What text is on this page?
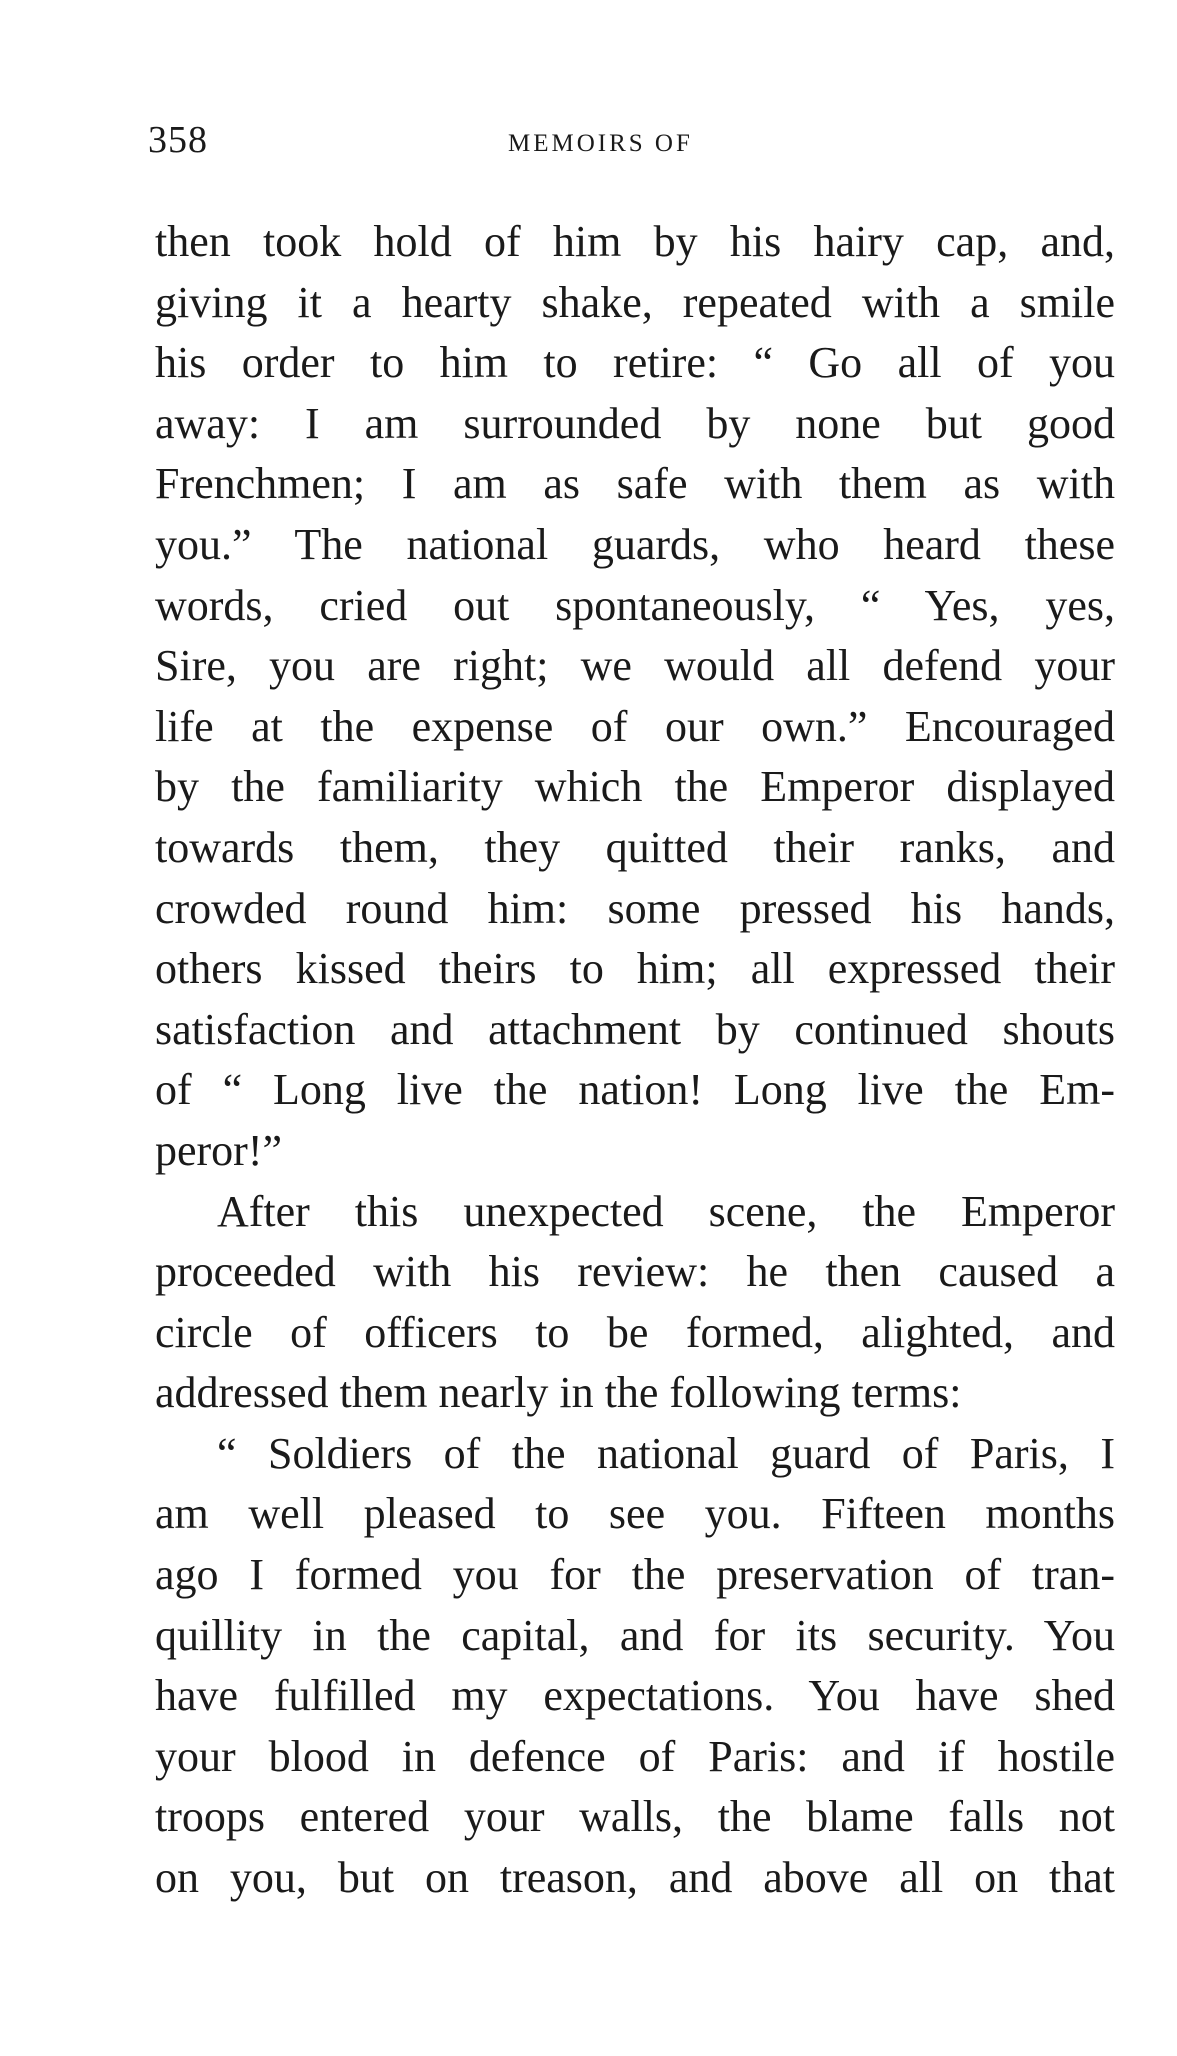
358	MEMOIRS OF
then took hold of him by his hairy cap, and,
giving it a hearty shake, repeated with a smile
his order to him to retire: “ Go all of you
away: I am surrounded by none but good
Frenchmen; I am as safe with them as with
you.” The national guards, who heard these
words, cried out spontaneously, “ Yes, yes,
Sire, you are right; we would all defend your
life at the expense of our own.” Encouraged
by the familiarity which the Emperor displayed
towards them, they quitted their ranks, and
crowded round him: some pressed his hands,
others kissed theirs to him; all expressed their
satisfaction and attachment by continued shouts
of “ Long live the nation! Long live the Em-
peror!”
After this unexpected scene, the Emperor
proceeded with his review: he then caused a
circle of officers to be formed, alighted, and
addressed them nearly in the following terms:
“ Soldiers of the national guard of Paris, I
am well pleased to see you. Fifteen months
ago I formed you for the preservation of tran-
quillity in the capital, and for its security. You
have fulfilled my expectations. You have shed
your blood in defence of Paris: and if hostile
troops entered your walls, the blame falls not
on you, but on treason, and above all on that
